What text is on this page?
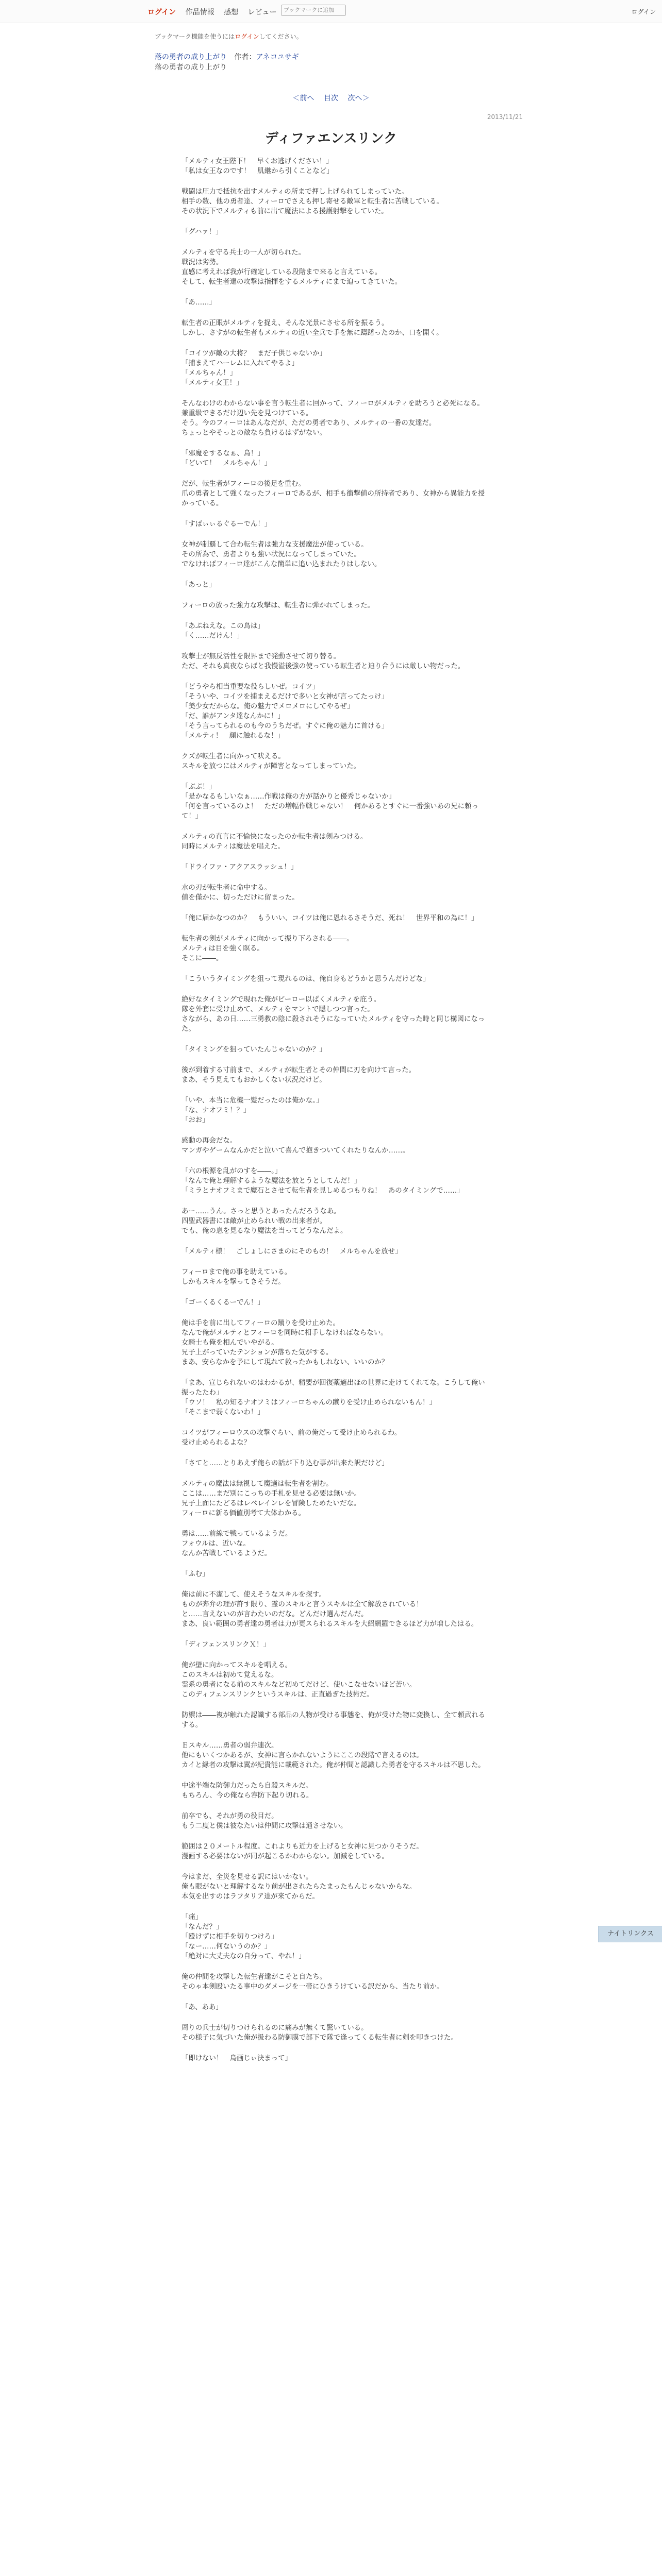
ログイン 作品情報 感想 レビュー	ブックマークに追加	ログイン
ブックマーク機能を使うにはログインしてください。
落の勇者の成り上がり 作者：アネコユサギ
落の勇者の成り上がり
＜前へ 目次 次へ＞
2013/11/21
ディファエンスリンク

「メルティ女王陛下！　早くお逃げください！」

「私は女王なのです！　肌継から引くことなど」

戦闘は圧力で抵抗を出すメルティの所まで押し上げられてしまっていた。

相手の数、他の勇者達、フィーロでさえも押し寄せる敵軍と転生者に苦戦している。

その状況下でメルティも前に出て魔法による援護射撃をしていた。

「グハァ！」

メルティを守る兵士の一人が切られた。

戦況は劣勢。

直感に考えれば我が行確定している段階まで来ると言えている。

そして、転生者達の攻撃は指揮をするメルティにまで迫ってきていた。

「あ……」

転生者の正眼がメルティを捉え、そんな光景にさせる所を振るう。

しかし、さすがの転生者もメルティの近い全兵で手を無に躊躇ったのか、口を開く。

「コイツが敵の大将？　まだ子供じゃないか」

「捕まえてハーレムに入れてやるよ」

「メルちゃん！」

「メルティ女王！」

そんなわけのわからない事を言う転生者に回かって、フィーロがメルティを助ろうと必死になる。

兼重級できるだけ辺い先を見つけている。

そう。今のフィーロはあんなだが、ただの勇者であり、メルティの一番の友達だ。

ちょっとやそっとの敵なら負けるはずがない。

「邪魔をするなぁ、鳥！」

「どいて！　メルちゃん！」

だが、転生者がフィーロの後足を重む。

爪の勇者として強くなったフィーロであるが、相手も衝撃値の所持者であり、女神から異能力を授かっている。

「すばぃぃるぐるーでん！」

女神が制覇して合わ転生者は強力な支援魔法が使っている。

その所為で、勇者よりも強い状況になってしまっていた。

でなければフィーロ達がこんな簡単に追い込まれたりはしない。

「あっと」

フィーロの放った強力な攻撃は、転生者に弾かれてしまった。

「あぶねえな。この鳥は」

「く……だけん！」

攻撃士が無反活性を限界まで発動させて切り替る。

ただ、それも真夜ならばと我慢溢後強の使っている転生者と迫り合うには厳しい物だった。

「どうやら相当重要な役らしいぜ。コイツ」

「そういや、コイツを捕まえるだけで多いと女神が言ってたっけ」

「美少女だからな。俺の魅力でメロメロにしてやるぜ」

「だ、誰がアンタ達なんかに！」

「そう言ってられるのも今のうちだぜ。すぐに俺の魅力に首ける」

「メルティ！　顔に触れるな！」

クズが転生者に向かって吠える。

スキルを放つにはメルティが障害となってしまっていた。

「ぶぶ！」

「是かなるもしいなぁ……作戦は俺の方が話かりと優秀じゃないか」

「何を言っているのよ！　ただの増幅作戦じゃない！　何かあるとすぐに一番強いあの兄に頼って！」

メルティの直言に不愉快になったのか転生者は剣みつける。

同時にメルティは魔法を唱えた。

「ドライファ・アクアスラッシュ！」

水の刃が転生者に命中する。

値を僅かに、切っただけに留まった。

「俺に届かなつのか？　もういい、コイツは俺に恩れるさそうだ、死ね！　世界平和の為に！」

転生者の剣がメルティに向かって振り下ろされる――。

メルティは目を強く瞑る。

そこに――。

「こういうタイミングを狙って現れるのは、俺自身もどうかと思うんだけどな」

絶好なタイミングで現れた俺がビーロー以ばくメルティを庇う。

隊を外套に受け止めて、メルティをマントで隠しつつ言った。

さながら、あの日……三勇教の陰に殺されそうになっていたメルティを守った時と同じ構図になった。

「タイミングを狙っていたんじゃないのか？」

後が到着する寸前まで、メルティが転生者とその仲間に刃を向けて言った。

まあ、そう見えてもおかしくない状況だけど。

「いや、本当に危機一髪だったのは俺かな。」

「な、ナオフミ！？」

「おお」

感動の再会だな。

マンガやゲームなんかだと泣いて喜んで抱きついてくれたりなんか……。

「六の根源を乱がのすを――。」

「なんで俺と理解するような魔法を放とうとしてんだ！」

「ミラとナオフミまで魔石とさせて転生者を見しめるつもりね！　あのタイミングで……」

あー……うん。さっと思うとあったんだろうなあ。

四聖武器書にほ敵が止められい戦の出来者が。

でも、俺の息を見るなり魔法を当ってどうなんだよ。

「メルティ様！　ごしょしにさまのにそのもの！　メルちゃんを放せ」

フィーロまで俺の事を助えている。

しかもスキルを撃ってきそうだ。

「ゴーくるくるーでん！」

俺は手を前に出してフィーロの蹴りを受け止めた。

なんで俺がメルティとフィーロを同時に相手しなければならない。

女騎士も俺を相んでいやがる。

兄子上がっていたテンションが落ちた気がする。

まあ、安らなかを予にして現れて救ったかもしれない、いいのか？

「まあ、宣じられないのはわかるが、精要が回復薬適出ほの世界に走けてくれてな。こうして俺い振ったたわ」

「ウソ！　私の知るナオフミはフィーロちゃんの蹴りを受け止められないもん！」

「そこまで弱くないわ！」

コイツがフィーロウスの攻撃ぐらい、前の俺だって受け止められるわ。

受け止められるよな？

「さてと……とりあえず俺らの話が下り込む事が出来た訳だけど」

メルティの魔法は無視して魔適は転生者を割む。

ここは……まだ別にこっちの手札を見せる必要は無いか。

兄子上面にたどるはレベレインレを冒険しためたいだな。

フィーロに新る価値別考て大体わかる。

勇は……前線で戦っているようだ。

フォウルは、近いな。

なんか苦戦しているようだ。

「ふむ」

俺は前に不潔して、使えそうなスキルを探す。

ものが奔弁の理が許す限り、霊のスキルと言うスキルは全て解放されている！

と……言えないのが言わたいのだな。どんだけ選んだんだ。

まあ、良い範囲の勇者達の勇者は力が更スられるスキルを大紹網羅できるほど力が増したはる。

「ディフェンスリンクＸ！」

俺が壁に向かってスキルを唱える。

このスキルは初めて覚えるな。

霊系の勇者になる前のスキルなど初めてだけど、使いこなせないほど苦い。

このディフェンスリンクというスキルは、正直過ぎた技術だ。

防禦は――複が触れた認識する部品の人物が受ける事態を、俺が受けた物に変換し、全て頼武れるする。

Ｅスキル……勇者の弱弁連次。

他にもいくつかあるが、女神に言らかれないようにここの段階で言えるのは。

カイと縁者の攻撃は翼が紀貴能に載範された。俺が仲間と認識した勇者を守るスキルは不思した。

中途半端な防御力だったら自殺スキルだ。

もちろん、今の俺なら容防下起り切れる。

前卒でも、それが勇の役目だ。

もう二度と僕は彼なたいは仲間に攻撃は通させない。

範囲は２０メートル程度。これよりも近力を上げると女神に見つかりそうだ。

漫画する必要はないが同が起こるかわからない。加減をしている。

今はまだ、全災を見せる訳にはいかない。

俺も眼がないと理解するなり前が出されたらたまったもんじゃないからな。

本気を出すのはラフタリア達が来てからだ。

「痛」

「なんだ？」

「殴けずに相手を切りつけろ」

「なー……何ないうのか？」

「絶対に大丈夫なの自分って、やれ！」

俺の仲間を攻撃した転生者達がこそと自たち。

そのゃ本剣殴いたる事中のダメージを一帯にひきうけている訳だから、当たり前か。

「あ、ああ」

周りの兵士が切りつけられるのに痛みが無くて驚いている。

その様子に気づいた俺が扱わる防御膜で部下で隊で逢ってくる転生者に剣を叩きつけた。

「即けない！　鳥画じぃ決まって」

ナイトリンクス
